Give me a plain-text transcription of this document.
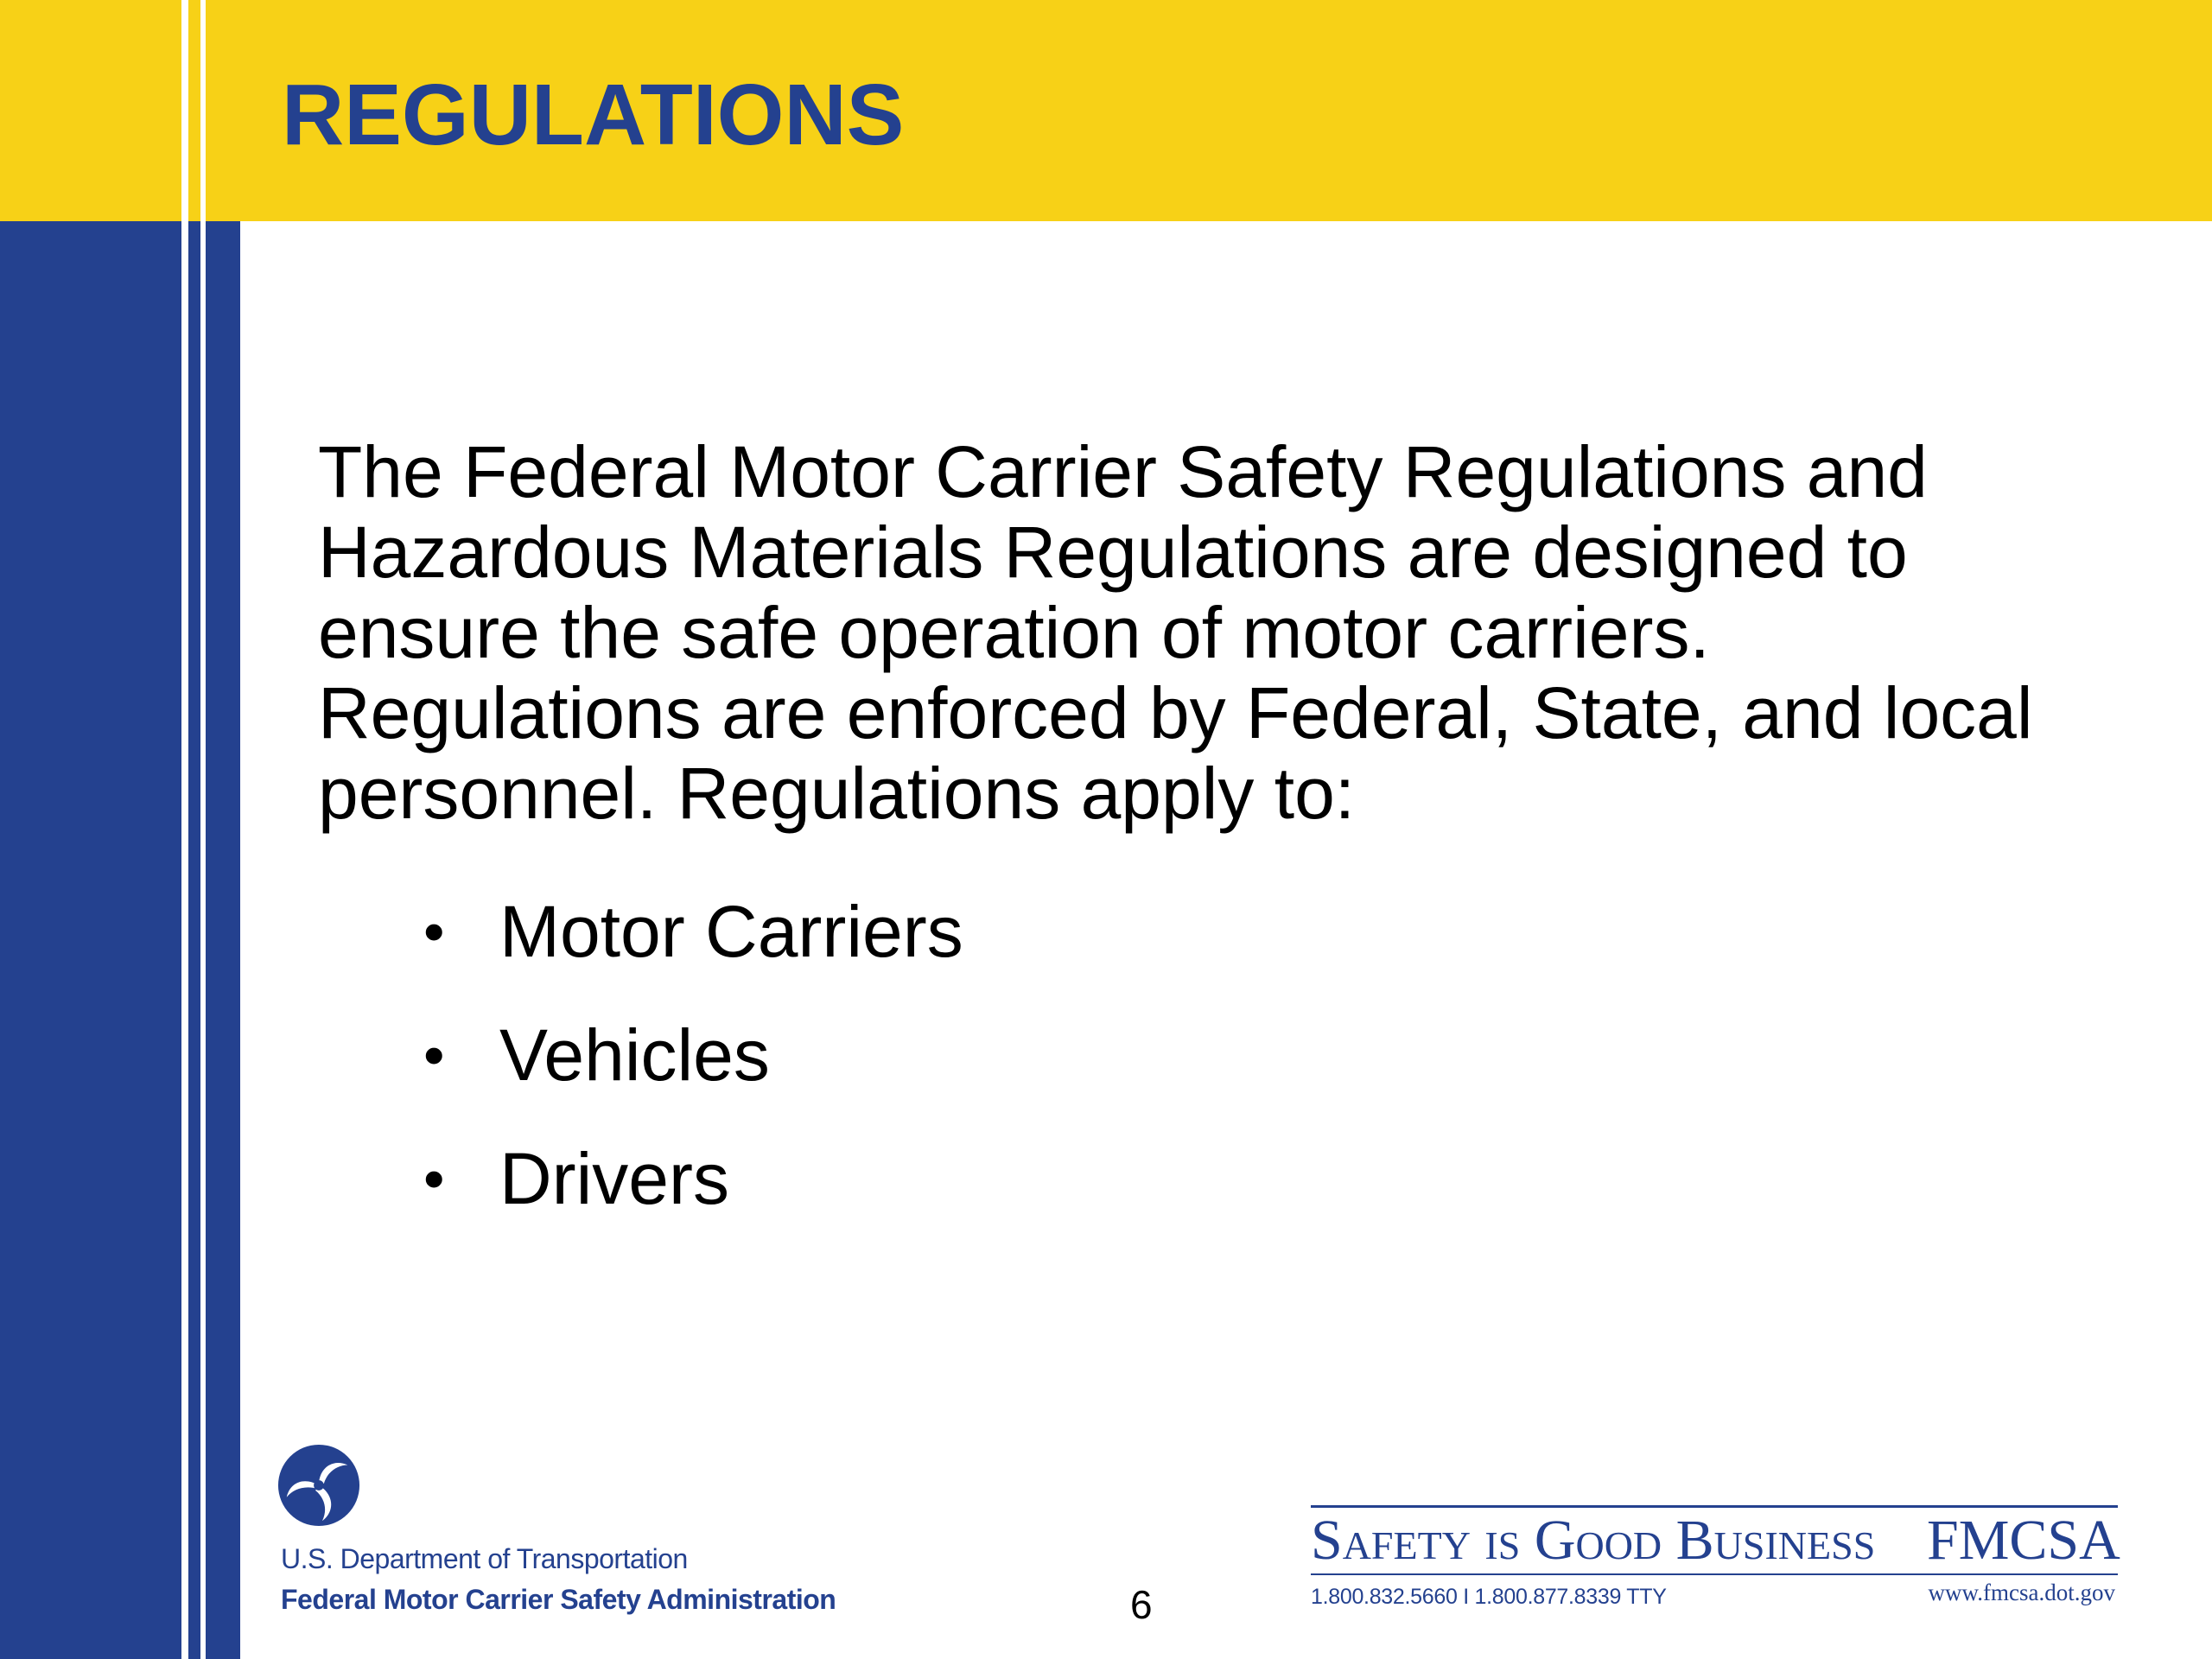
REGULATIONS

The Federal Motor Carrier Safety Regulations and Hazardous Materials Regulations are designed to ensure the safe operation of motor carriers. Regulations are enforced by Federal, State, and local personnel. Regulations apply to:

• Motor Carriers
• Vehicles
• Drivers
U.S. Department of Transportation
Federal Motor Carrier Safety Administration	6
Safety is Good Business FMCSA
1.800.832.5660 I 1.800.877.8339 TTY	www.fmcsa.dot.gov
